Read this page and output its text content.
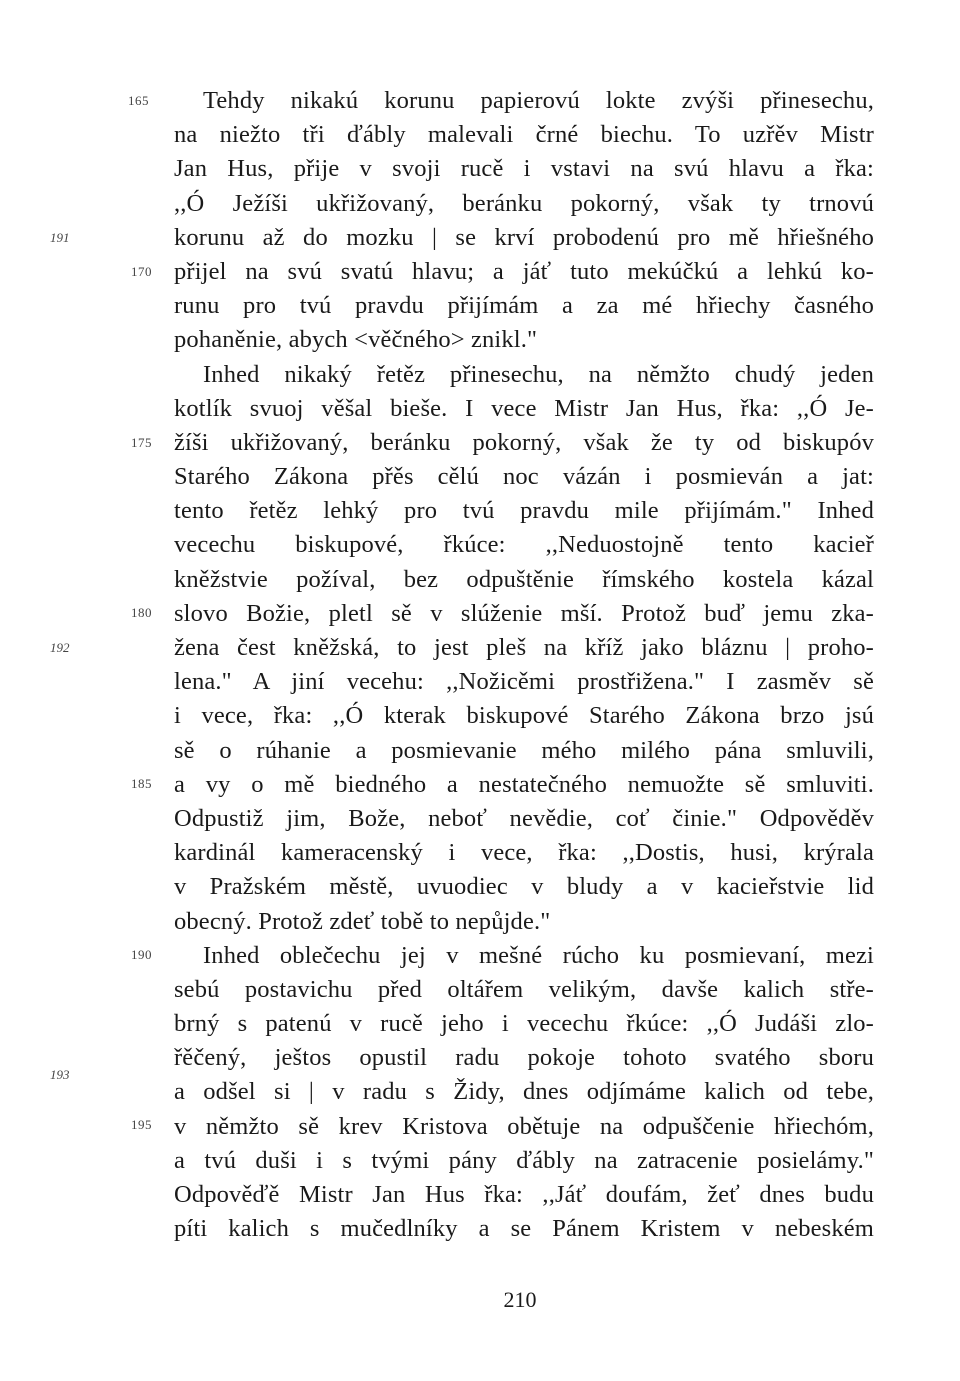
165
170
175
180
185
190
195
191
192
193
Tehdy nikakú korunu papierovú lokte zvýši přinesechu,
na niežto tři ďábly malevali črné biechu. To uzřěv Mistr
Jan Hus, přije v svoji rucě i vstavi na svú hlavu a řka:
,,Ó Ježíši ukřižovaný, beránku pokorný, však ty trnovú
korunu až do mozku | se krví probodenú pro mě hřiešného
přijel na svú svatú hlavu; a jáť tuto mekúčkú a lehkú ko-
runu pro tvú pravdu přijímám a za mé hřiechy časného
pohaněnie, abych <věčného> znikl."
Inhed nikaký řetěz přinesechu, na němžto chudý jeden
kotlík svuoj věšal bieše. I vece Mistr Jan Hus, řka: ,,Ó Je-
žíši ukřižovaný, beránku pokorný, však že ty od biskupóv
Starého Zákona přěs cělú noc vázán i posmieván a jat:
tento řetěz lehký pro tvú pravdu mile přijímám." Inhed
vecechu biskupové, řkúce: ,,Neduostojně tento kacieř
kněžstvie požíval, bez odpuštěnie římského kostela kázal
slovo Božie, pletl sě v slúženie mší. Protož buď jemu zka-
žena čest kněžská, to jest pleš na kříž jako bláznu | proho-
lena." A jiní vecehu: ,,Nožicěmi prostřižena." I zasměv sě
i vece, řka: ,,Ó kterak biskupové Starého Zákona brzo jsú
sě o rúhanie a posmievanie mého milého pána smluvili,
a vy o mě biedného a nestatečného nemuožte sě smluviti.
Odpustiž jim, Bože, neboť nevědie, coť činie." Odpověděv
kardinál kameracenský i vece, řka: ,,Dostis, husi, krýrala
v Pražském městě, uvuodiec v bludy a v kacieřstvie lid
obecný. Protož zdeť tobě to nepůjde."
Inhed oblečechu jej v mešné rúcho ku posmievaní, mezi
sebú postavichu před oltářem velikým, davše kalich stře-
brný s patenú v rucě jeho i vecechu řkúce: ,,Ó Judáši zlo-
řěčený, ještos opustil radu pokoje tohoto svatého sboru
a odšel si | v radu s Židy, dnes odjímáme kalich od tebe,
v němžto sě krev Kristova obětuje na odpuščenie hřiechóm,
a tvú duši i s tvými pány ďábly na zatracenie posielámy."
Odpověďě Mistr Jan Hus řka: ,,Jáť doufám, žeť dnes budu
píti kalich s mučedlníky a se Pánem Kristem v nebeském
210
